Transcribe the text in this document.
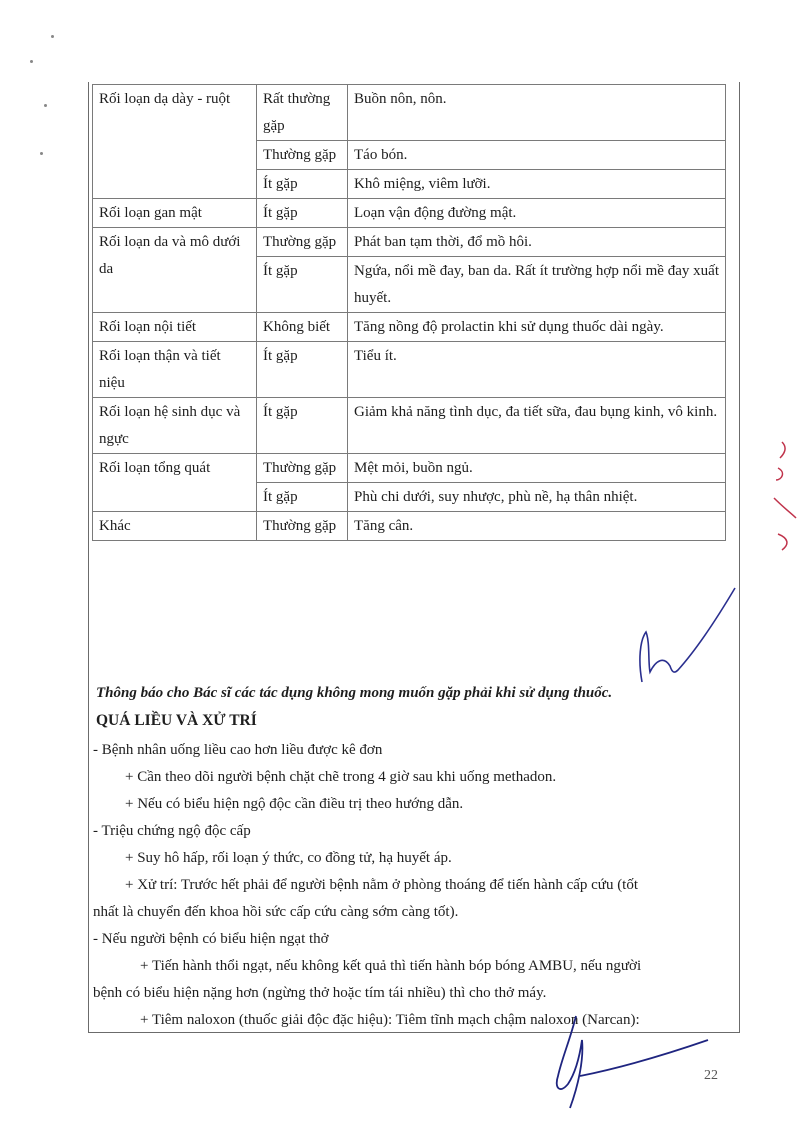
Rối loạn dạ dày - ruột	Rất thường gặp	Buồn nôn, nôn.
	Thường gặp	Táo bón.
	Ít gặp	Khô miệng, viêm lưỡi.
Rối loạn gan mật	Ít gặp	Loạn vận động đường mật.
Rối loạn da và mô dưới da	Thường gặp	Phát ban tạm thời, đổ mồ hôi.
	Ít gặp	Ngứa, nổi mề đay, ban da. Rất ít trường hợp nổi mề đay xuất huyết.
Rối loạn nội tiết	Không biết	Tăng nồng độ prolactin khi sử dụng thuốc dài ngày.
Rối loạn thận và tiết niệu	Ít gặp	Tiểu ít.
Rối loạn hệ sinh dục và ngực	Ít gặp	Giảm khả năng tình dục, đa tiết sữa, đau bụng kinh, vô kinh.
Rối loạn tổng quát	Thường gặp	Mệt mỏi, buồn ngủ.
	Ít gặp	Phù chi dưới, suy nhược, phù nề, hạ thân nhiệt.
Khác	Thường gặp	Tăng cân.
Thông báo cho Bác sĩ các tác dụng không mong muốn gặp phải khi sử dụng thuốc.
QUÁ LIỀU VÀ XỬ TRÍ
- Bệnh nhân uống liều cao hơn liều được kê đơn
+ Cần theo dõi người bệnh chặt chẽ trong 4 giờ sau khi uống methadon.
+ Nếu có biểu hiện ngộ độc cần điều trị theo hướng dẫn.
- Triệu chứng ngộ độc cấp
+ Suy hô hấp, rối loạn ý thức, co đồng tử, hạ huyết áp.
+ Xử trí: Trước hết phải để người bệnh nằm ở phòng thoáng để tiến hành cấp cứu (tốt
nhất là chuyển đến khoa hồi sức cấp cứu càng sớm càng tốt).
- Nếu người bệnh có biểu hiện ngạt thở
+ Tiến hành thổi ngạt, nếu không kết quả thì tiến hành bóp bóng AMBU, nếu người
bệnh có biểu hiện nặng hơn (ngừng thở hoặc tím tái nhiều) thì cho thở máy.
+ Tiêm naloxon (thuốc giải độc đặc hiệu): Tiêm tĩnh mạch chậm naloxon (Narcan):
22
